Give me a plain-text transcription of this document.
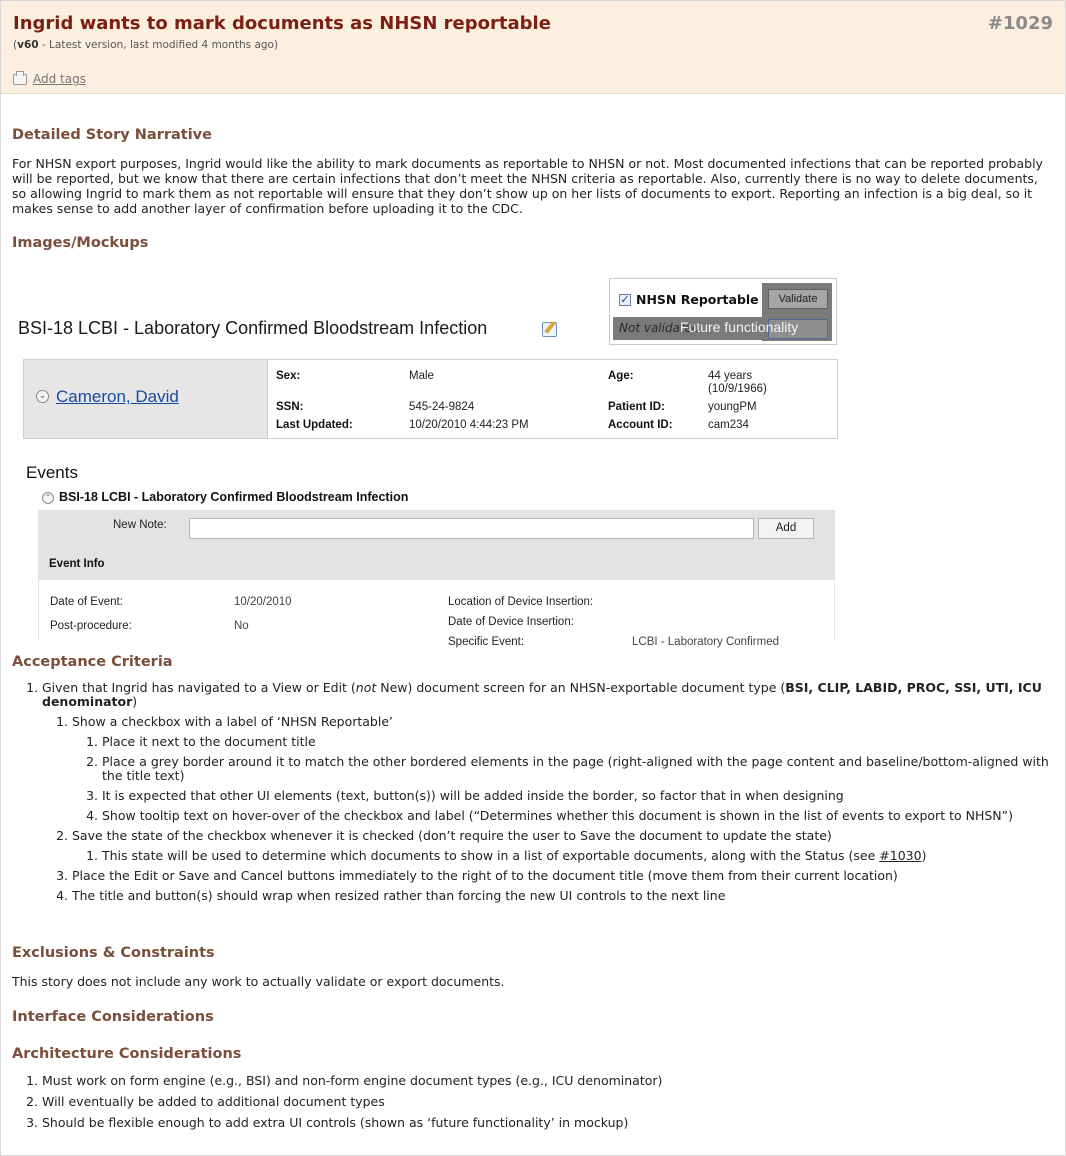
Ingrid wants to mark documents as NHSN reportable	#1029
(v60 - Latest version, last modified 4 months ago)
Add tags
Detailed Story Narrative

For NHSN export purposes, Ingrid would like the ability to mark documents as reportable to NHSN or not. Most documented infections that can be reported probably will be reported, but we know that there are certain infections that don’t meet the NHSN criteria as reportable. Also, currently there is no way to delete documents, so allowing Ingrid to mark them as not reportable will ensure that they don’t show up on her lists of documents to export. Reporting an infection is a big deal, so it makes sense to add another layer of confirmation before uploading it to the CDC.

Images/Mockups
BSI-18 LCBI - Laboratory Confirmed Bloodstream Infection
✓ NHSN Reportable	Validate
Not validated
Future functionality
⌄ Cameron, David
Sex:	Male	Age:	44 years
(10/9/1966)
SSN:	545-24-9824	Patient ID:	youngPM
Last Updated:	10/20/2010 4:44:23 PM	Account ID:	cam234
Events
⌃ BSI-18 LCBI - Laboratory Confirmed Bloodstream Infection
New Note:	Add
Event Info
Date of Event:	10/20/2010	Location of Device Insertion:
Date of Device Insertion:
Post-procedure:	No
Specific Event:	LCBI - Laboratory Confirmed
Acceptance Criteria
1. Given that Ingrid has navigated to a View or Edit (not New) document screen for an NHSN-exportable document type (BSI, CLIP, LABID, PROC, SSI, UTI, ICU denominator)
1. Show a checkbox with a label of ‘NHSN Reportable’
1. Place it next to the document title
2. Place a grey border around it to match the other bordered elements in the page (right-aligned with the page content and baseline/bottom-aligned with the title text)
3. It is expected that other UI elements (text, button(s)) will be added inside the border, so factor that in when designing
4. Show tooltip text on hover-over of the checkbox and label (“Determines whether this document is shown in the list of events to export to NHSN”)
2. Save the state of the checkbox whenever it is checked (don’t require the user to Save the document to update the state)
1. This state will be used to determine which documents to show in a list of exportable documents, along with the Status (see #1030)
3. Place the Edit or Save and Cancel buttons immediately to the right of to the document title (move them from their current location)
4. The title and button(s) should wrap when resized rather than forcing the new UI controls to the next line
Exclusions & Constraints

This story does not include any work to actually validate or export documents.

Interface Considerations
Architecture Considerations
1. Must work on form engine (e.g., BSI) and non-form engine document types (e.g., ICU denominator)
2. Will eventually be added to additional document types
3. Should be flexible enough to add extra UI controls (shown as ‘future functionality’ in mockup)
